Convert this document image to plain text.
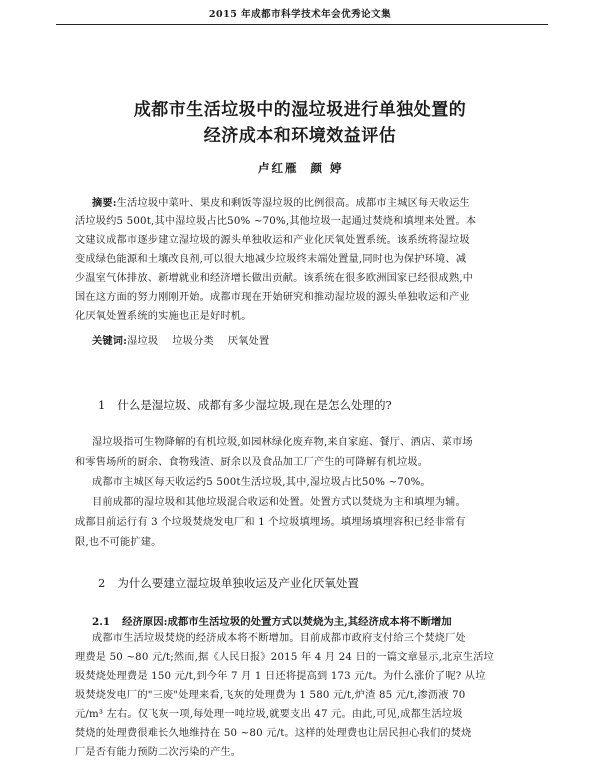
2015 年成都市科学技术年会优秀论文集
成都市生活垃圾中的湿垃圾进行单独处置的
经济成本和环境效益评估
卢红雁 颜 婷
摘要:生活垃圾中菜叶、果皮和剩饭等湿垃圾的比例很高。成都市主城区每天收运生
活垃圾约5 500t,其中湿垃圾占比50% ~70%,其他垃圾一起通过焚烧和填埋来处置。本
文建议成都市逐步建立湿垃圾的源头单独收运和产业化厌氧处置系统。该系统将湿垃圾
变成绿色能源和土壤改良剂,可以很大地减少垃圾终末端处置量,同时也为保护环境、减
少温室气体排放、新增就业和经济增长做出贡献。该系统在很多欧洲国家已经很成熟,中
国在这方面的努力刚刚开始。成都市现在开始研究和推动湿垃圾的源头单独收运和产业
化厌氧处置系统的实施也正是好时机。
关键词:湿垃圾 垃圾分类 厌氧处置
1 什么是湿垃圾、成都有多少湿垃圾,现在是怎么处理的?
湿垃圾指可生物降解的有机垃圾,如园林绿化废弃物,来自家庭、餐厅、酒店、菜市场
和零售场所的厨余、食物残渣、厨余以及食品加工厂产生的可降解有机垃圾。
成都市主城区每天收运约5 500t生活垃圾,其中,湿垃圾占比50% ~70%。
目前成都的湿垃圾和其他垃圾混合收运和处置。处置方式以焚烧为主和填埋为辅。
成都目前运行有 3 个垃圾焚烧发电厂和 1 个垃圾填埋场。填埋场填埋容积已经非常有
限,也不可能扩建。
2 为什么要建立湿垃圾单独收运及产业化厌氧处置
2.1 经济原因:成都市生活垃圾的处置方式以焚烧为主,其经济成本将不断增加
成都市生活垃圾焚烧的经济成本将不断增加。目前成都市政府支付给三个焚烧厂处
理费是 50 ~80 元/t;然而,据《人民日报》2015 年 4 月 24 日的一篇文章显示,北京生活垃
圾焚烧处理费是 150 元/t,到今年 7 月 1 日还将提高到 173 元/t。为什么涨价了呢? 从垃
圾焚烧发电厂的"三废"处理来看,飞灰的处理费为 1 580 元/t,炉渣 85 元/t,渗沥液 70
元/m³ 左右。仅飞灰一项,每处理一吨垃圾,就要支出 47 元。由此,可见,成都生活垃圾
焚烧的处理费很难长久地维持在 50 ~80 元/t。这样的处理费也让居民担心我们的焚烧
厂是否有能力预防二次污染的产生。
